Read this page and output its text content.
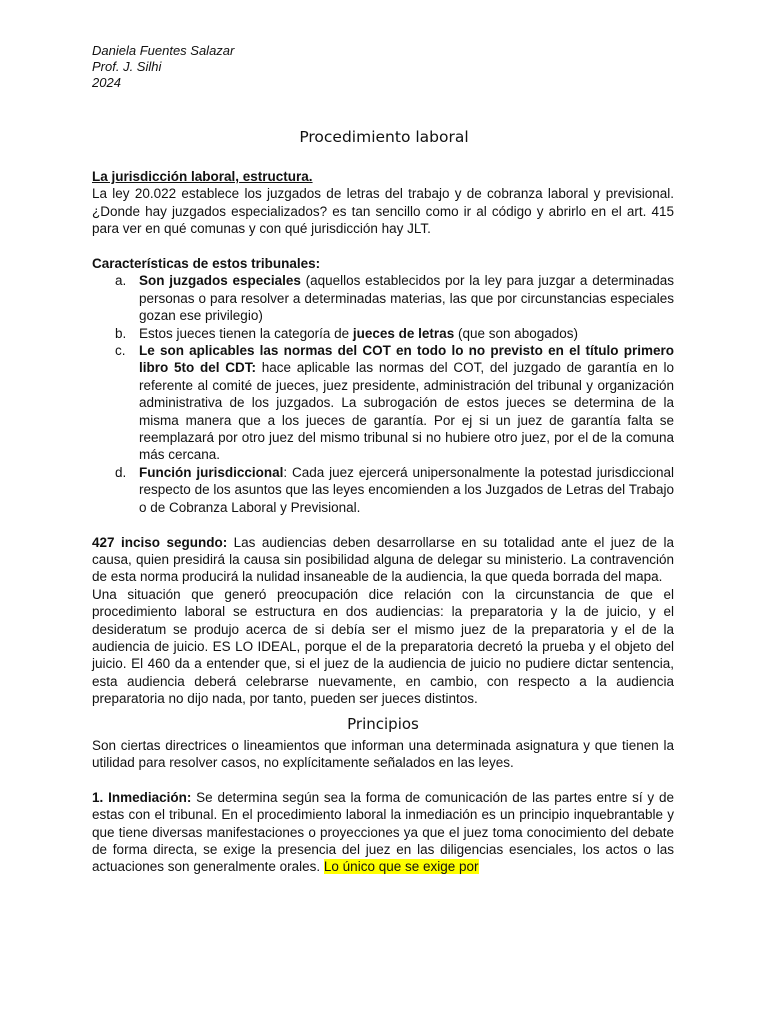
Daniela Fuentes Salazar
Prof. J. Silhi
2024
Procedimiento laboral

La jurisdicción laboral, estructura.

La ley 20.022 establece los juzgados de letras del trabajo y de cobranza laboral y previsional. ¿Donde hay juzgados especializados? es tan sencillo como ir al código y abrirlo en el art. 415 para ver en qué comunas y con qué jurisdicción hay JLT.

Características de estos tribunales:

a. Son juzgados especiales (aquellos establecidos por la ley para juzgar a determinadas personas o para resolver a determinadas materias, las que por circunstancias especiales gozan ese privilegio)
b. Estos jueces tienen la categoría de jueces de letras (que son abogados)
c. Le son aplicables las normas del COT en todo lo no previsto en el título primero libro 5to del CDT: hace aplicable las normas del COT, del juzgado de garantía en lo referente al comité de jueces, juez presidente, administración del tribunal y organización administrativa de los juzgados. La subrogación de estos jueces se determina de la misma manera que a los jueces de garantía. Por ej si un juez de garantía falta se reemplazará por otro juez del mismo tribunal si no hubiere otro juez, por el de la comuna más cercana.
d. Función jurisdiccional: Cada juez ejercerá unipersonalmente la potestad jurisdiccional respecto de los asuntos que las leyes encomienden a los Juzgados de Letras del Trabajo o de Cobranza Laboral y Previsional.

427 inciso segundo: Las audiencias deben desarrollarse en su totalidad ante el juez de la causa, quien presidirá la causa sin posibilidad alguna de delegar su ministerio. La contravención de esta norma producirá la nulidad insaneable de la audiencia, la que queda borrada del mapa.

Una situación que generó preocupación dice relación con la circunstancia de que el procedimiento laboral se estructura en dos audiencias: la preparatoria y la de juicio, y el desideratum se produjo acerca de si debía ser el mismo juez de la preparatoria y el de la audiencia de juicio. ES LO IDEAL, porque el de la preparatoria decretó la prueba y el objeto del juicio. El 460 da a entender que, si el juez de la audiencia de juicio no pudiere dictar sentencia, esta audiencia deberá celebrarse nuevamente, en cambio, con respecto a la audiencia preparatoria no dijo nada, por tanto, pueden ser jueces distintos.

Principios

Son ciertas directrices o lineamientos que informan una determinada asignatura y que tienen la utilidad para resolver casos, no explícitamente señalados en las leyes.

1. Inmediación: Se determina según sea la forma de comunicación de las partes entre sí y de estas con el tribunal. En el procedimiento laboral la inmediación es un principio inquebrantable y que tiene diversas manifestaciones o proyecciones ya que el juez toma conocimiento del debate de forma directa, se exige la presencia del juez en las diligencias esenciales, los actos o las actuaciones son generalmente orales. Lo único que se exige por
